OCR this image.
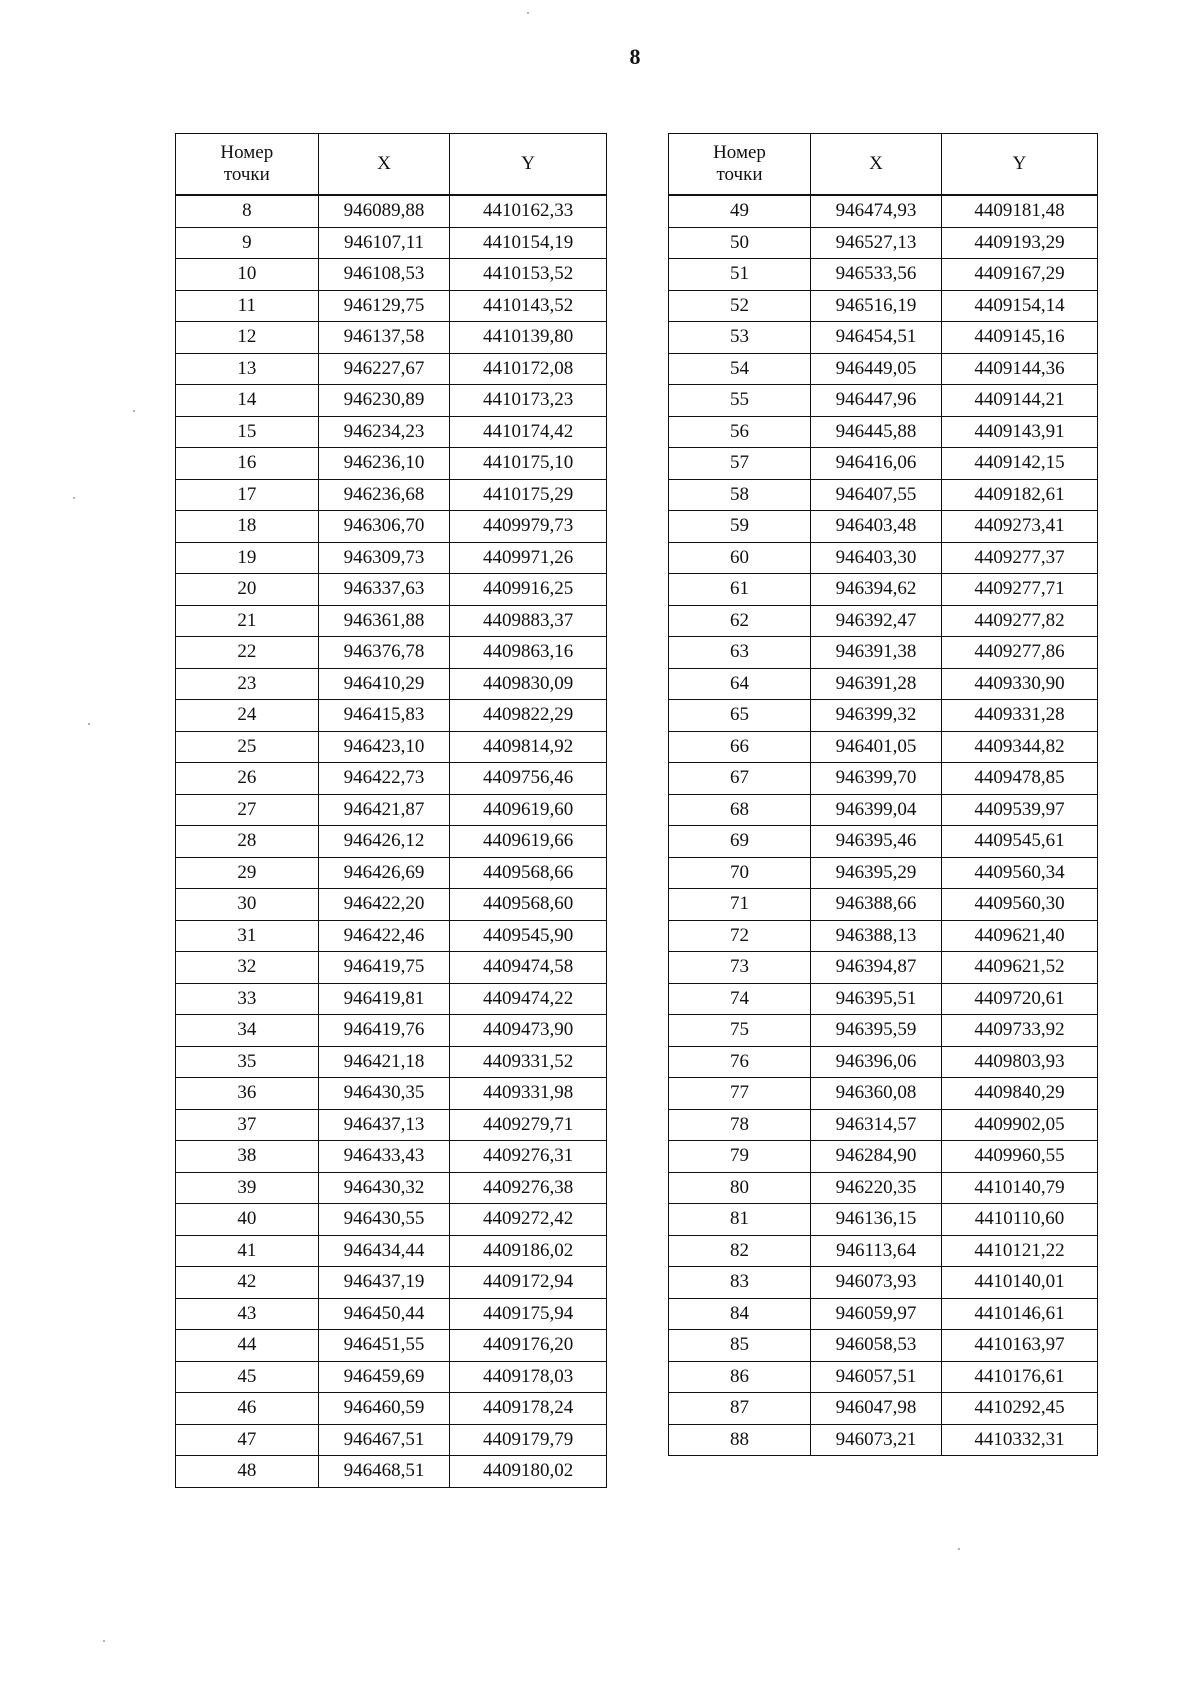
8
Номер
точки	X	Y
8	946089,88	4410162,33
9	946107,11	4410154,19
10	946108,53	4410153,52
11	946129,75	4410143,52
12	946137,58	4410139,80
13	946227,67	4410172,08
14	946230,89	4410173,23
15	946234,23	4410174,42
16	946236,10	4410175,10
17	946236,68	4410175,29
18	946306,70	4409979,73
19	946309,73	4409971,26
20	946337,63	4409916,25
21	946361,88	4409883,37
22	946376,78	4409863,16
23	946410,29	4409830,09
24	946415,83	4409822,29
25	946423,10	4409814,92
26	946422,73	4409756,46
27	946421,87	4409619,60
28	946426,12	4409619,66
29	946426,69	4409568,66
30	946422,20	4409568,60
31	946422,46	4409545,90
32	946419,75	4409474,58
33	946419,81	4409474,22
34	946419,76	4409473,90
35	946421,18	4409331,52
36	946430,35	4409331,98
37	946437,13	4409279,71
38	946433,43	4409276,31
39	946430,32	4409276,38
40	946430,55	4409272,42
41	946434,44	4409186,02
42	946437,19	4409172,94
43	946450,44	4409175,94
44	946451,55	4409176,20
45	946459,69	4409178,03
46	946460,59	4409178,24
47	946467,51	4409179,79
48	946468,51	4409180,02
Номер
точки	X	Y
49	946474,93	4409181,48
50	946527,13	4409193,29
51	946533,56	4409167,29
52	946516,19	4409154,14
53	946454,51	4409145,16
54	946449,05	4409144,36
55	946447,96	4409144,21
56	946445,88	4409143,91
57	946416,06	4409142,15
58	946407,55	4409182,61
59	946403,48	4409273,41
60	946403,30	4409277,37
61	946394,62	4409277,71
62	946392,47	4409277,82
63	946391,38	4409277,86
64	946391,28	4409330,90
65	946399,32	4409331,28
66	946401,05	4409344,82
67	946399,70	4409478,85
68	946399,04	4409539,97
69	946395,46	4409545,61
70	946395,29	4409560,34
71	946388,66	4409560,30
72	946388,13	4409621,40
73	946394,87	4409621,52
74	946395,51	4409720,61
75	946395,59	4409733,92
76	946396,06	4409803,93
77	946360,08	4409840,29
78	946314,57	4409902,05
79	946284,90	4409960,55
80	946220,35	4410140,79
81	946136,15	4410110,60
82	946113,64	4410121,22
83	946073,93	4410140,01
84	946059,97	4410146,61
85	946058,53	4410163,97
86	946057,51	4410176,61
87	946047,98	4410292,45
88	946073,21	4410332,31
